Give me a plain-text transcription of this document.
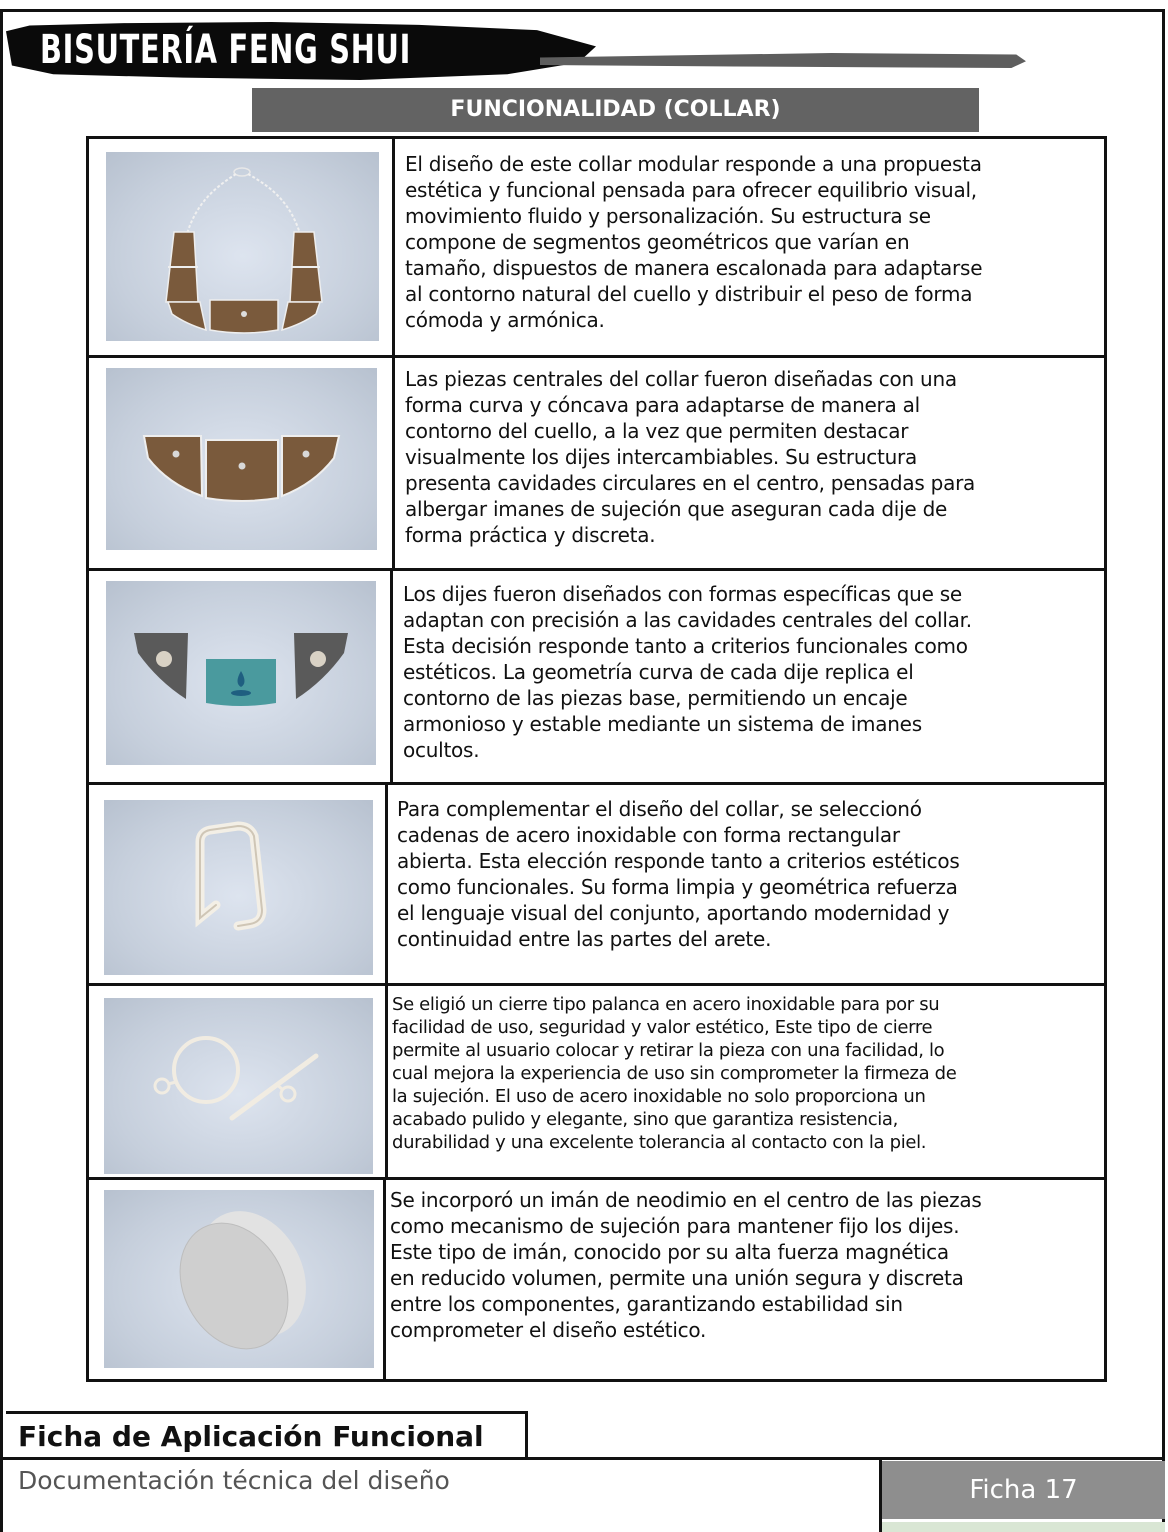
BISUTERÍA FENG SHUI
FUNCIONALIDAD (COLLAR)
El diseño de este collar modular responde a una propuesta
estética y funcional pensada para ofrecer equilibrio visual,
movimiento fluido y personalización. Su estructura se
compone de segmentos geométricos que varían en
tamaño, dispuestos de manera escalonada para adaptarse
al contorno natural del cuello y distribuir el peso de forma
cómoda y armónica.
Las piezas centrales del collar fueron diseñadas con una
forma curva y cóncava para adaptarse de manera al
contorno del cuello, a la vez que permiten destacar
visualmente los dijes intercambiables. Su estructura
presenta cavidades circulares en el centro, pensadas para
albergar imanes de sujeción que aseguran cada dije de
forma práctica y discreta.
Los dijes fueron diseñados con formas específicas que se
adaptan con precisión a las cavidades centrales del collar.
Esta decisión responde tanto a criterios funcionales como
estéticos. La geometría curva de cada dije replica el
contorno de las piezas base, permitiendo un encaje
armonioso y estable mediante un sistema de imanes
ocultos.
Para complementar el diseño del collar, se seleccionó
cadenas de acero inoxidable con forma rectangular
abierta. Esta elección responde tanto a criterios estéticos
como funcionales. Su forma limpia y geométrica refuerza
el lenguaje visual del conjunto, aportando modernidad y
continuidad entre las partes del arete.
Se eligió un cierre tipo palanca en acero inoxidable para por su
facilidad de uso, seguridad y valor estético, Este tipo de cierre
permite al usuario colocar y retirar la pieza con una facilidad, lo
cual mejora la experiencia de uso sin comprometer la firmeza de
la sujeción. El uso de acero inoxidable no solo proporciona un
acabado pulido y elegante, sino que garantiza resistencia,
durabilidad y una excelente tolerancia al contacto con la piel.
Se incorporó un imán de neodimio en el centro de las piezas
como mecanismo de sujeción para mantener fijo los dijes.
Este tipo de imán, conocido por su alta fuerza magnética
en reducido volumen, permite una unión segura y discreta
entre los componentes, garantizando estabilidad sin
comprometer el diseño estético.
Ficha de Aplicación Funcional
Documentación técnica del diseño	Ficha 17
